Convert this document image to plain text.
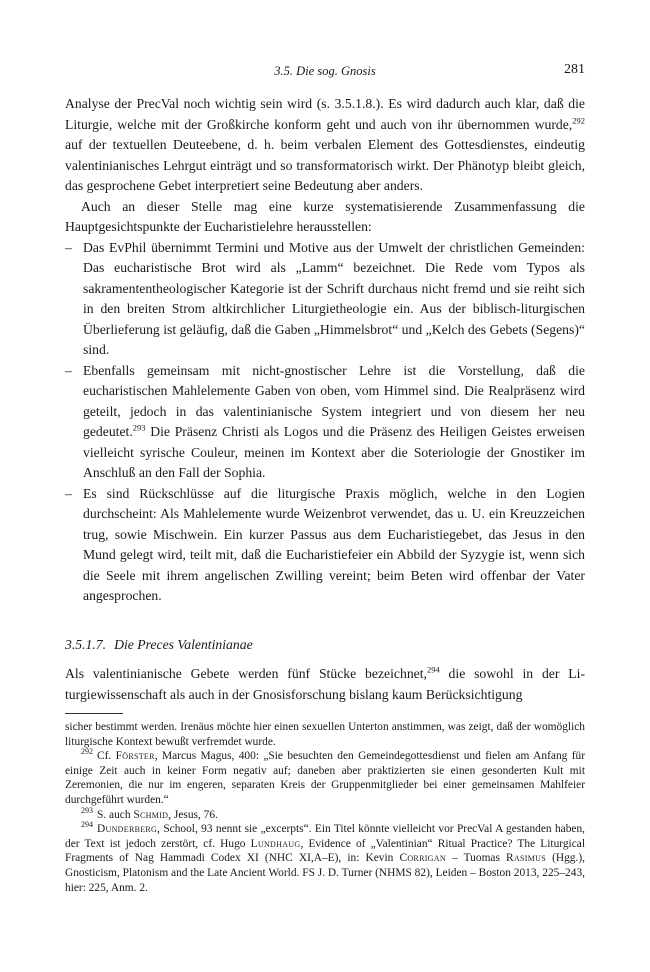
3.5. Die sog. Gnosis	281

Analyse der PrecVal noch wichtig sein wird (s. 3.5.1.8.). Es wird dadurch auch klar, daß die Liturgie, welche mit der Großkirche konform geht und auch von ihr übernommen wurde,$^{292}$ auf der textuellen Deuteebene, d. h. beim verbalen Element des Gottesdienstes, eindeutig valentinianisches Lehrgut einträgt und so transformatorisch wirkt. Der Phänotyp bleibt gleich, das gesprochene Gebet interpretiert seine Bedeutung aber anders.

Auch an dieser Stelle mag eine kurze systematisierende Zusammenfassung die Hauptgesichtspunkte der Eucharistielehre herausstellen:

– Das EvPhil übernimmt Termini und Motive aus der Umwelt der christlichen Gemeinden: Das eucharistische Brot wird als „Lamm“ bezeichnet. Die Rede vom Typos als sakramententheologischer Kategorie ist der Schrift durchaus nicht fremd und sie reiht sich in den breiten Strom altkirchlicher Liturgietheologie ein. Aus der biblisch-liturgischen Überlieferung ist geläufig, daß die Gaben „Himmelsbrot“ und „Kelch des Gebets (Segens)“ sind.
– Ebenfalls gemeinsam mit nicht-gnostischer Lehre ist die Vorstellung, daß die eucharistischen Mahlelemente Gaben von oben, vom Himmel sind. Die Realpräsenz wird geteilt, jedoch in das valentinianische System integriert und von diesem her neu gedeutet.$^{293}$ Die Präsenz Christi als Logos und die Präsenz des Heiligen Geistes erweisen vielleicht syrische Couleur, meinen im Kontext aber die Soteriologie der Gnostiker im Anschluß an den Fall der Sophia.
– Es sind Rückschlüsse auf die liturgische Praxis möglich, welche in den Logien durchscheint: Als Mahlelemente wurde Weizenbrot verwendet, das u. U. ein Kreuzzeichen trug, sowie Mischwein. Ein kurzer Passus aus dem Eucharistiegebet, das Jesus in den Mund gelegt wird, teilt mit, daß die Eucharistiefeier ein Abbild der Syzygie ist, wenn sich die Seele mit ihrem angelischen Zwilling vereint; beim Beten wird offenbar der Vater angesprochen.
3.5.1.7. Die Preces Valentinianae

Als valentinianische Gebete werden fünf Stücke bezeichnet,$^{294}$ die sowohl in der Liturgiewissenschaft als auch in der Gnosisforschung bislang kaum Berücksichtigung

sicher bestimmt werden. Irenäus möchte hier einen sexuellen Unterton anstimmen, was zeigt, daß der womöglich liturgische Kontext bewußt verfremdet wurde.

$^{292}$ Cf. Förster, Marcus Magus, 400: „Sie besuchten den Gemeindegottesdienst und fielen am Anfang für einige Zeit auch in keiner Form negativ auf; daneben aber praktizierten sie einen gesonderten Kult mit Zeremonien, die nur im engeren, separaten Kreis der Gruppenmitglieder bei einer gemeinsamen Mahlfeier durchgeführt wurden.“

$^{293}$ S. auch Schmid, Jesus, 76.

$^{294}$ Dunderberg, School, 93 nennt sie „excerpts“. Ein Titel könnte vielleicht vor PrecVal A gestanden haben, der Text ist jedoch zerstört, cf. Hugo Lundhaug, Evidence of „Valentinian“ Ritual Practice? The Liturgical Fragments of Nag Hammadi Codex XI (NHC XI,A–E), in: Kevin Corrigan – Tuomas Rasimus (Hgg.), Gnosticism, Platonism and the Late Ancient World. FS J. D. Turner (NHMS 82), Leiden – Boston 2013, 225–243, hier: 225, Anm. 2.
